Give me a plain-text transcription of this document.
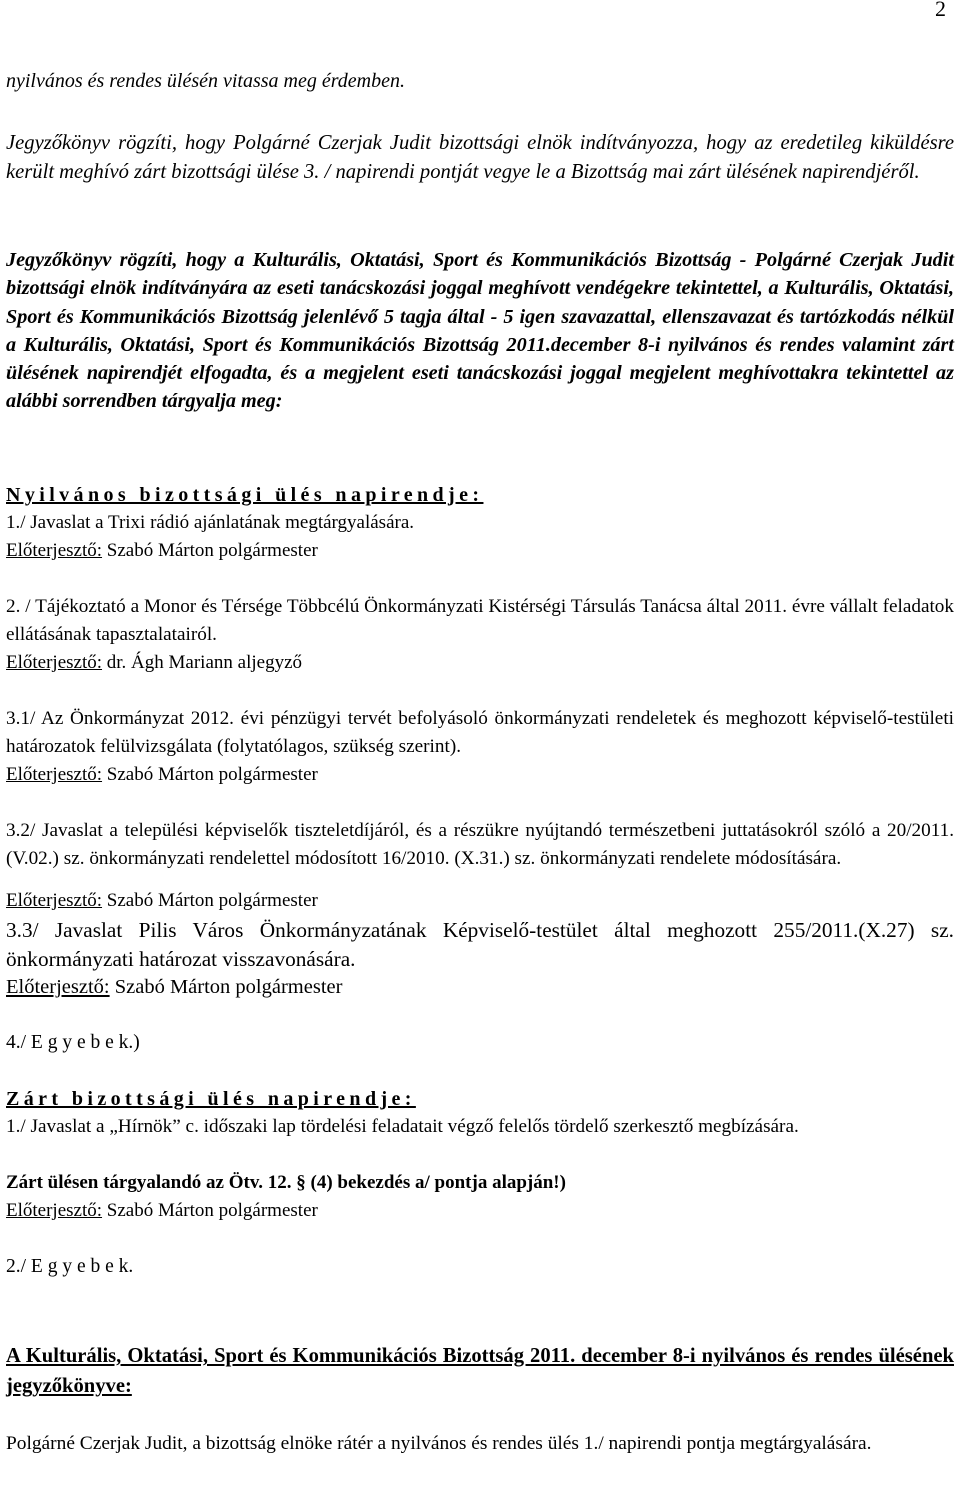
2

nyilvános és rendes ülésén vitassa meg érdemben.

Jegyzőkönyv rögzíti, hogy Polgárné Czerjak Judit bizottsági elnök indítványozza, hogy az eredetileg kiküldésre került meghívó zárt bizottsági ülése 3. / napirendi pontját vegye le a Bizottság mai zárt ülésének napirendjéről.

Jegyzőkönyv rögzíti, hogy a Kulturális, Oktatási, Sport és Kommunikációs Bizottság - Polgárné Czerjak Judit bizottsági elnök indítványára az eseti tanácskozási joggal meghívott vendégekre tekintettel, a Kulturális, Oktatási, Sport és Kommunikációs Bizottság jelenlévő 5 tagja által - 5 igen szavazattal, ellenszavazat és tartózkodás nélkül a Kulturális, Oktatási, Sport és Kommunikációs Bizottság 2011.december 8-i nyilvános és rendes valamint zárt ülésének napirendjét elfogadta, és a megjelent eseti tanácskozási joggal megjelent meghívottakra tekintettel az alábbi sorrendben tárgyalja meg:

Nyilvános bizottsági ülés napirendje:

1./ Javaslat a Trixi rádió ajánlatának megtárgyalására.

Előterjesztő: Szabó Márton polgármester

2. / Tájékoztató a Monor és Térsége Többcélú Önkormányzati Kistérségi Társulás Tanácsa által 2011. évre vállalt feladatok ellátásának tapasztalatairól.

Előterjesztő: dr. Ágh Mariann aljegyző

3.1/ Az Önkormányzat 2012. évi pénzügyi tervét befolyásoló önkormányzati rendeletek és meghozott képviselő-testületi határozatok felülvizsgálata (folytatólagos, szükség szerint).

Előterjesztő: Szabó Márton polgármester

3.2/ Javaslat a települési képviselők tiszteletdíjáról, és a részükre nyújtandó természetbeni juttatásokról szóló a 20/2011. (V.02.) sz. önkormányzati rendelettel módosított 16/2010. (X.31.) sz. önkormányzati rendelete módosítására.

Előterjesztő: Szabó Márton polgármester

3.3/ Javaslat Pilis Város Önkormányzatának Képviselő-testület által meghozott 255/2011.(X.27) sz. önkormányzati határozat visszavonására.

Előterjesztő: Szabó Márton polgármester

4./ E g y e b e k.)

Zárt bizottsági ülés napirendje:

1./ Javaslat a „Hírnök” c. időszaki lap tördelési feladatait végző felelős tördelő szerkesztő megbízására.

Zárt ülésen tárgyalandó az Ötv. 12. § (4) bekezdés a/ pontja alapján!)

Előterjesztő: Szabó Márton polgármester

2./ E g y e b e k.

A Kulturális, Oktatási, Sport és Kommunikációs Bizottság 2011. december 8-i nyilvános és rendes ülésének jegyzőkönyve:

Polgárné Czerjak Judit, a bizottság elnöke rátér a nyilvános és rendes ülés 1./ napirendi pontja megtárgyalására.
